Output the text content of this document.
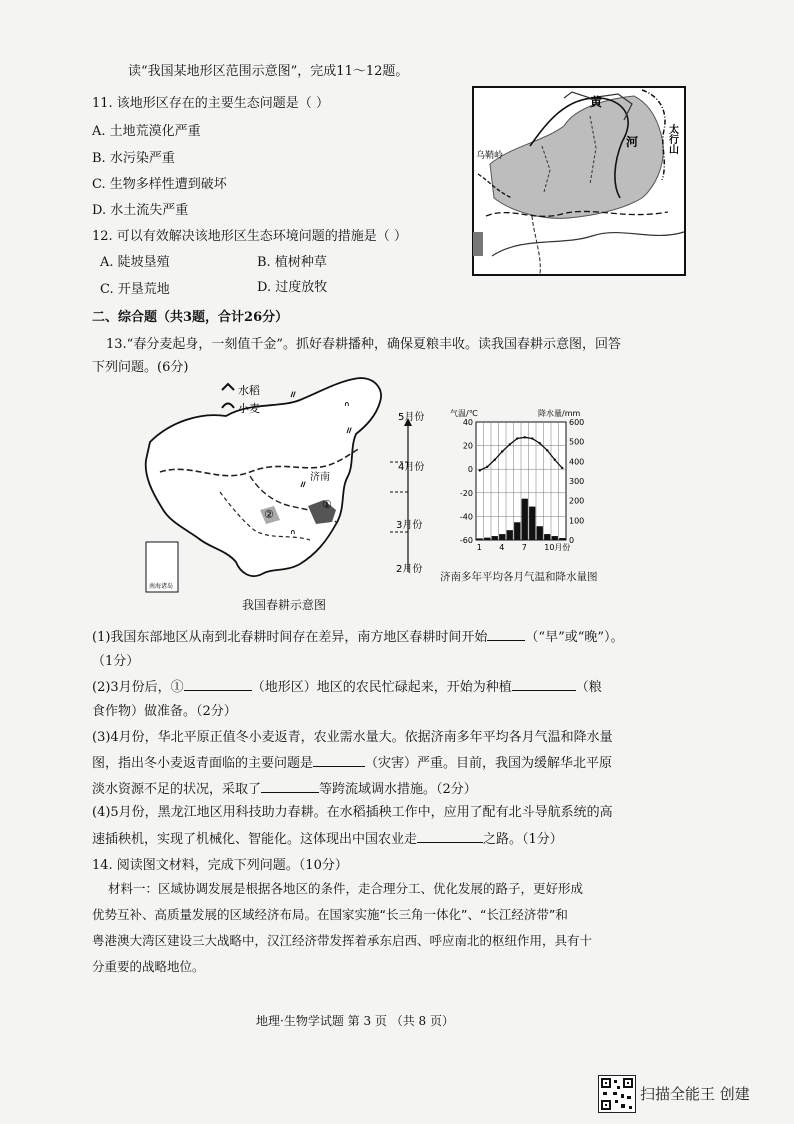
读“我国某地形区范围示意图”，完成11～12题。
11. 该地形区存在的主要生态问题是（ ）
A. 土地荒漠化严重
B. 水污染严重
C. 生物多样性遭到破坏
D. 水土流失严重
12. 可以有效解决该地形区生态环境问题的措施是（ ）
A. 陡坡垦殖	B. 植树种草
C. 开垦荒地	D. 过度放牧
黄
河	太行山
乌鞘岭
二、综合题（共3题，合计26分）
13.“春分麦起身，一刻值千金”。抓好春耕播种，确保夏粮丰收。读我国春耕示意图，回答
下列问题。(6分)
济南
①
②
ᐥ
ᐢ
ᐥ
ᐥ
ᐢ
水稻
小麦
南海诸岛
5月份
4月份
3月份
2月份
我国春耕示意图
气温/℃	降水量/mm
40
20
0
-20
-40
-60
600
500
400
300
200
100
0
1 4 7 10月份
济南多年平均各月气温和降水量图
(1)我国东部地区从南到北春耕时间存在差异，南方地区春耕时间开始	（“早”或“晚”）。
（1分）
(2)3月份后，①	（地形区）地区的农民忙碌起来，开始为种植	（粮
食作物）做准备。（2分）
(3)4月份，华北平原正值冬小麦返青，农业需水量大。依据济南多年平均各月气温和降水量
图，指出冬小麦返青面临的主要问题是	（灾害）严重。目前，我国为缓解华北平原
淡水资源不足的状况，采取了	等跨流域调水措施。（2分）
(4)5月份，黑龙江地区用科技助力春耕。在水稻插秧工作中，应用了配有北斗导航系统的高
速插秧机，实现了机械化、智能化。这体现出中国农业走	之路。（1分）
14. 阅读图文材料，完成下列问题。（10分）
材料一：区域协调发展是根据各地区的条件，走合理分工、优化发展的路子，更好形成
优势互补、高质量发展的区域经济布局。在国家实施“长三角一体化”、“长江经济带”和
粤港澳大湾区建设三大战略中，汉江经济带发挥着承东启西、呼应南北的枢纽作用，具有十
分重要的战略地位。
地理·生物学试题 第 3 页 （共 8 页）
扫描全能王 创建
